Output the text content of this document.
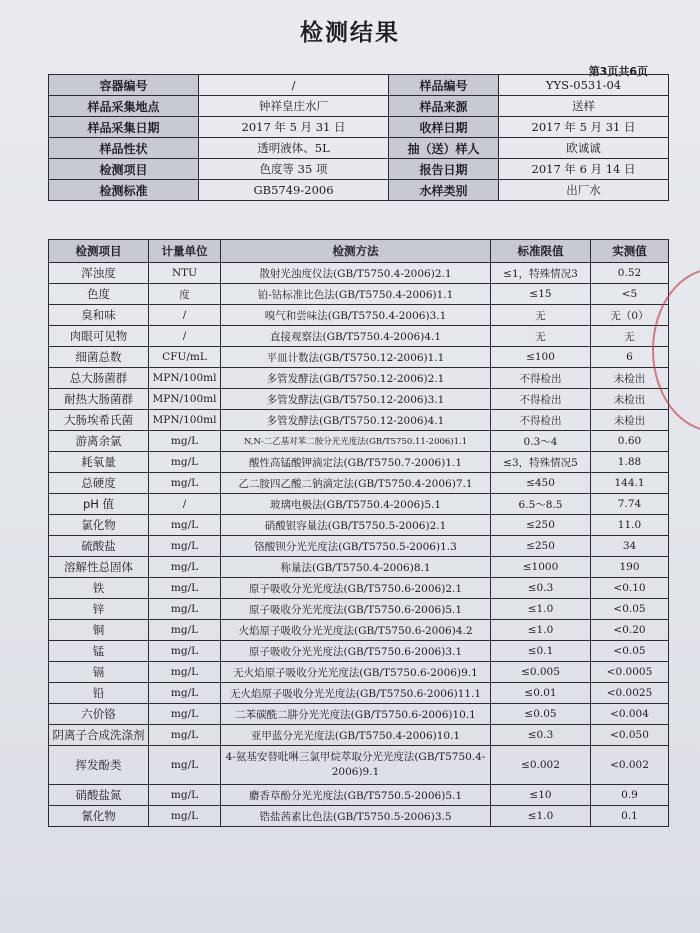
检测结果
第3页共6页
容器编号	/	样品编号	YYS-0531-04
样品采集地点	钟祥皇庄水厂	样品来源	送样
样品采集日期	2017 年 5 月 31 日	收样日期	2017 年 5 月 31 日
样品性状	透明液体、5L	抽（送）样人	欧诚诚
检测项目	色度等 35 项	报告日期	2017 年 6 月 14 日
检测标准	GB5749-2006	水样类别	出厂水
检测项目	计量单位	检测方法	标准限值	实测值
浑浊度	NTU	散射光浊度仪法(GB/T5750.4-2006)2.1	≤1，特殊情况3	0.52
色度	度	铂-钴标准比色法(GB/T5750.4-2006)1.1	≤15	<5
臭和味	/	嗅气和尝味法(GB/T5750.4-2006)3.1	无	无（0）
肉眼可见物	/	直接观察法(GB/T5750.4-2006)4.1	无	无
细菌总数	CFU/mL	平皿计数法(GB/T5750.12-2006)1.1	≤100	6
总大肠菌群	MPN/100ml	多管发酵法(GB/T5750.12-2006)2.1	不得检出	未检出
耐热大肠菌群	MPN/100ml	多管发酵法(GB/T5750.12-2006)3.1	不得检出	未检出
大肠埃希氏菌	MPN/100ml	多管发酵法(GB/T5750.12-2006)4.1	不得检出	未检出
游离余氯	mg/L	N,N-二乙基对苯二胺分光光度法(GB/T5750.11-2006)1.1	0.3～4	0.60
耗氧量	mg/L	酸性高锰酸钾滴定法(GB/T5750.7-2006)1.1	≤3，特殊情况5	1.88
总硬度	mg/L	乙二胺四乙酸二钠滴定法(GB/T5750.4-2006)7.1	≤450	144.1
pH 值	/	玻璃电极法(GB/T5750.4-2006)5.1	6.5～8.5	7.74
氯化物	mg/L	硝酸银容量法(GB/T5750.5-2006)2.1	≤250	11.0
硫酸盐	mg/L	铬酸钡分光光度法(GB/T5750.5-2006)1.3	≤250	34
溶解性总固体	mg/L	称量法(GB/T5750.4-2006)8.1	≤1000	190
铁	mg/L	原子吸收分光光度法(GB/T5750.6-2006)2.1	≤0.3	<0.10
锌	mg/L	原子吸收分光光度法(GB/T5750.6-2006)5.1	≤1.0	<0.05
铜	mg/L	火焰原子吸收分光光度法(GB/T5750.6-2006)4.2	≤1.0	<0.20
锰	mg/L	原子吸收分光光度法(GB/T5750.6-2006)3.1	≤0.1	<0.05
镉	mg/L	无火焰原子吸收分光光度法(GB/T5750.6-2006)9.1	≤0.005	<0.0005
铅	mg/L	无火焰原子吸收分光光度法(GB/T5750.6-2006)11.1	≤0.01	<0.0025
六价铬	mg/L	二苯碳酰二肼分光光度法(GB/T5750.6-2006)10.1	≤0.05	<0.004
阴离子合成洗涤剂	mg/L	亚甲蓝分光光度法(GB/T5750.4-2006)10.1	≤0.3	<0.050
挥发酚类	mg/L	4-氨基安替吡啉三氯甲烷萃取分光光度法(GB/T5750.4-2006)9.1	≤0.002	<0.002
硝酸盐氮	mg/L	麝香草酚分光光度法(GB/T5750.5-2006)5.1	≤10	0.9
氰化物	mg/L	锆盐茜素比色法(GB/T5750.5-2006)3.5	≤1.0	0.1
